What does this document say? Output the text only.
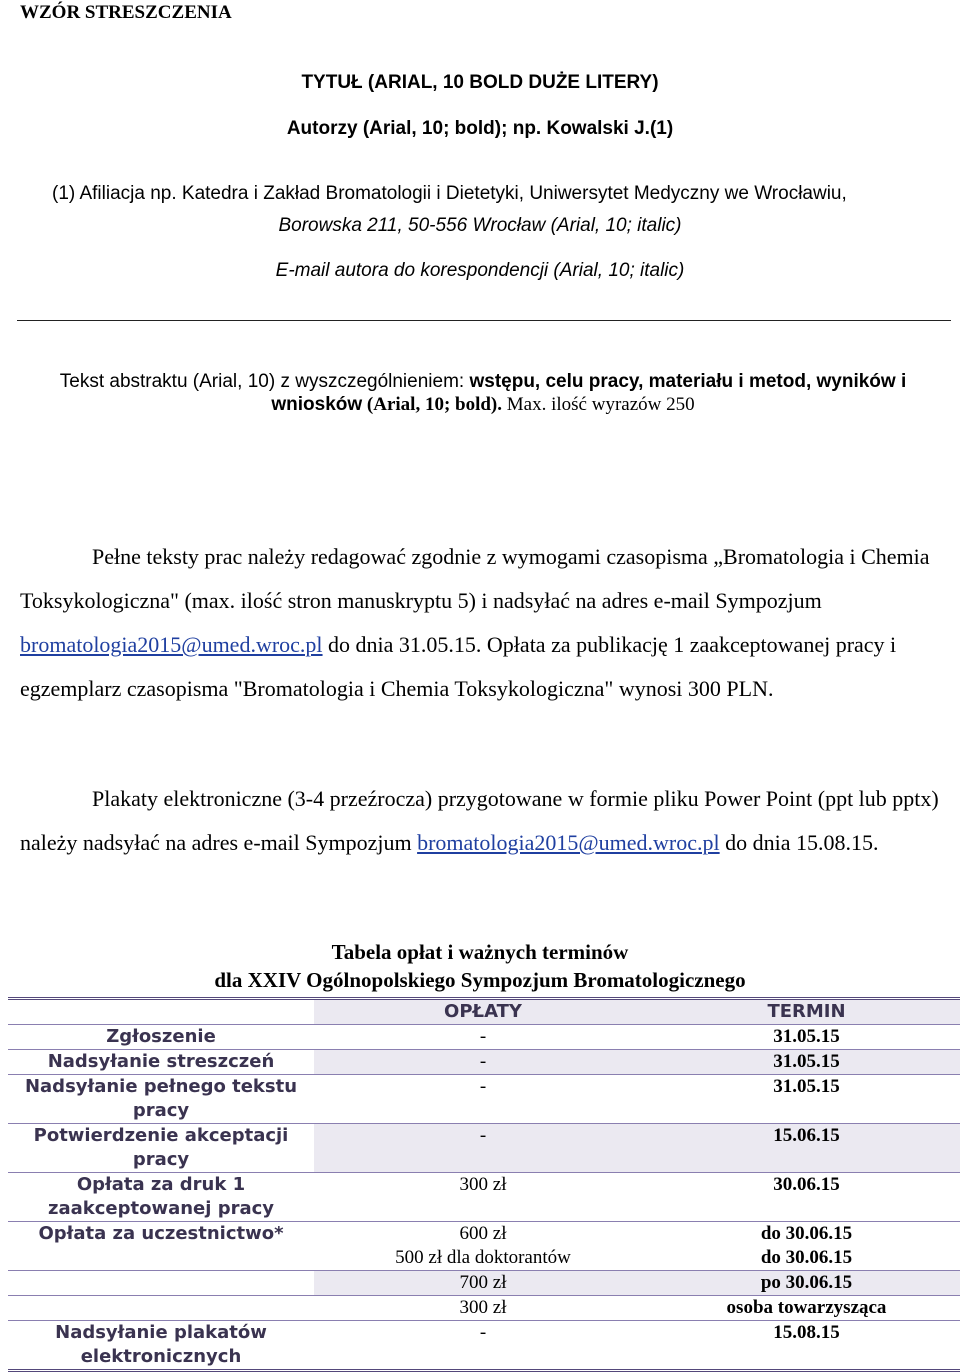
WZÓR STRESZCZENIA
TYTUŁ (ARIAL, 10 BOLD DUŻE LITERY)
Autorzy (Arial, 10; bold); np. Kowalski J.(1)
(1) Afiliacja np. Katedra i Zakład Bromatologii i Dietetyki, Uniwersytet Medyczny we Wrocławiu,
Borowska 211, 50-556 Wrocław (Arial, 10; italic)
E-mail autora do korespondencji (Arial, 10; italic)
Tekst abstraktu (Arial, 10) z wyszczególnieniem: wstępu, celu pracy, materiału i metod, wyników i wniosków (Arial, 10; bold). Max. ilość wyrazów 250
Pełne teksty prac należy redagować zgodnie z wymogami czasopisma „Bromatologia i Chemia Toksykologiczna" (max. ilość stron manuskryptu 5) i nadsyłać na adres e-mail Sympozjum bromatologia2015@umed.wroc.pl do dnia 31.05.15. Opłata za publikację 1 zaakceptowanej pracy i egzemplarz czasopisma "Bromatologia i Chemia Toksykologiczna" wynosi 300 PLN.
Plakaty elektroniczne (3-4 przeźrocza) przygotowane w formie pliku Power Point (ppt lub pptx) należy nadsyłać na adres e-mail Sympozjum bromatologia2015@umed.wroc.pl do dnia 15.08.15.
Tabela opłat i ważnych terminów
dla XXIV Ogólnopolskiego Sympozjum Bromatologicznego
	OPŁATY	TERMIN
Zgłoszenie	-	31.05.15
Nadsyłanie streszczeń	-	31.05.15
Nadsyłanie pełnego tekstu pracy	-	31.05.15
Potwierdzenie akceptacji pracy	-	15.06.15
Opłata za druk 1 zaakceptowanej pracy	300 zł	30.06.15
Opłata za uczestnictwo*	600 zł	do 30.06.15
	500 zł dla doktorantów	do 30.06.15
	700 zł	po 30.06.15
	300 zł	osoba towarzysząca
Nadsyłanie plakatów elektronicznych	-	15.08.15
